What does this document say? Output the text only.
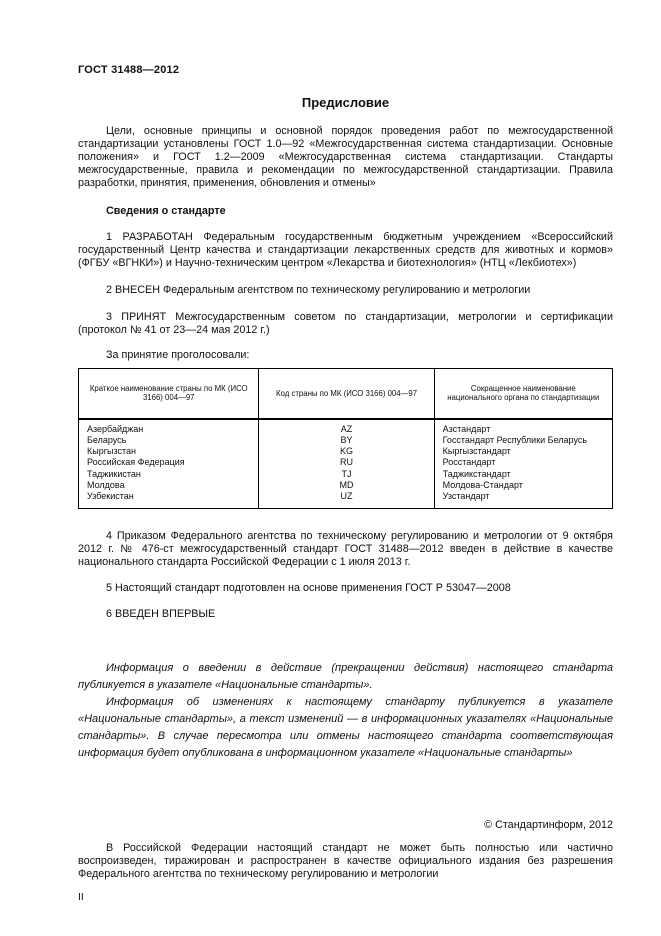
ГОСТ 31488—2012
Предисловие

Цели, основные принципы и основной порядок проведения работ по межгосударственной стандартизации установлены ГОСТ 1.0—92 «Межгосударственная система стандартизации. Основные положения» и ГОСТ 1.2—2009 «Межгосударственная система стандартизации. Стандарты межгосударственные, правила и рекомендации по межгосударственной стандартизации. Правила разработки, принятия, применения, обновления и отмены»

Сведения о стандарте

1 РАЗРАБОТАН Федеральным государственным бюджетным учреждением «Всероссийский государственный Центр качества и стандартизации лекарственных средств для животных и кормов» (ФГБУ «ВГНКИ») и Научно-техническим центром «Лекарства и биотехнология» (НТЦ «Лекбиотех»)

2 ВНЕСЕН Федеральным агентством по техническому регулированию и метрологии

3 ПРИНЯТ Межгосударственным советом по стандартизации, метрологии и сертификации (протокол № 41 от 23—24 мая 2012 г.)

За принятие проголосовали:

Краткое наименование страны по МК (ИСО 3166) 004—97	Код страны по МК (ИСО 3166) 004—97	Сокращенное наименование национального органа по стандартизации
Азербайджан	AZ	Азстандарт
Беларусь	BY	Госстандарт Республики Беларусь
Кыргызстан	KG	Кыргызстандарт
Российская Федерация	RU	Росстандарт
Таджикистан	TJ	Таджикстандарт
Молдова	MD	Молдова-Стандарт
Узбекистан	UZ	Узстандарт

4 Приказом Федерального агентства по техническому регулированию и метрологии от 9 октября 2012 г. № 476-ст межгосударственный стандарт ГОСТ 31488—2012 введен в действие в качестве национального стандарта Российской Федерации с 1 июля 2013 г.

5 Настоящий стандарт подготовлен на основе применения ГОСТ Р 53047—2008

6 ВВЕДЕН ВПЕРВЫЕ

Информация о введении в действие (прекращении действия) настоящего стандарта публикуется в указателе «Национальные стандарты».

Информация об изменениях к настоящему стандарту публикуется в указателе «Национальные стандарты», а текст изменений — в информационных указателях «Национальные стандарты». В случае пересмотра или отмены настоящего стандарта соответствующая информация будет опубликована в информационном указателе «Национальные стандарты»

© Стандартинформ, 2012

В Российской Федерации настоящий стандарт не может быть полностью или частично воспроизведен, тиражирован и распространен в качестве официального издания без разрешения Федерального агентства по техническому регулированию и метрологии

II
